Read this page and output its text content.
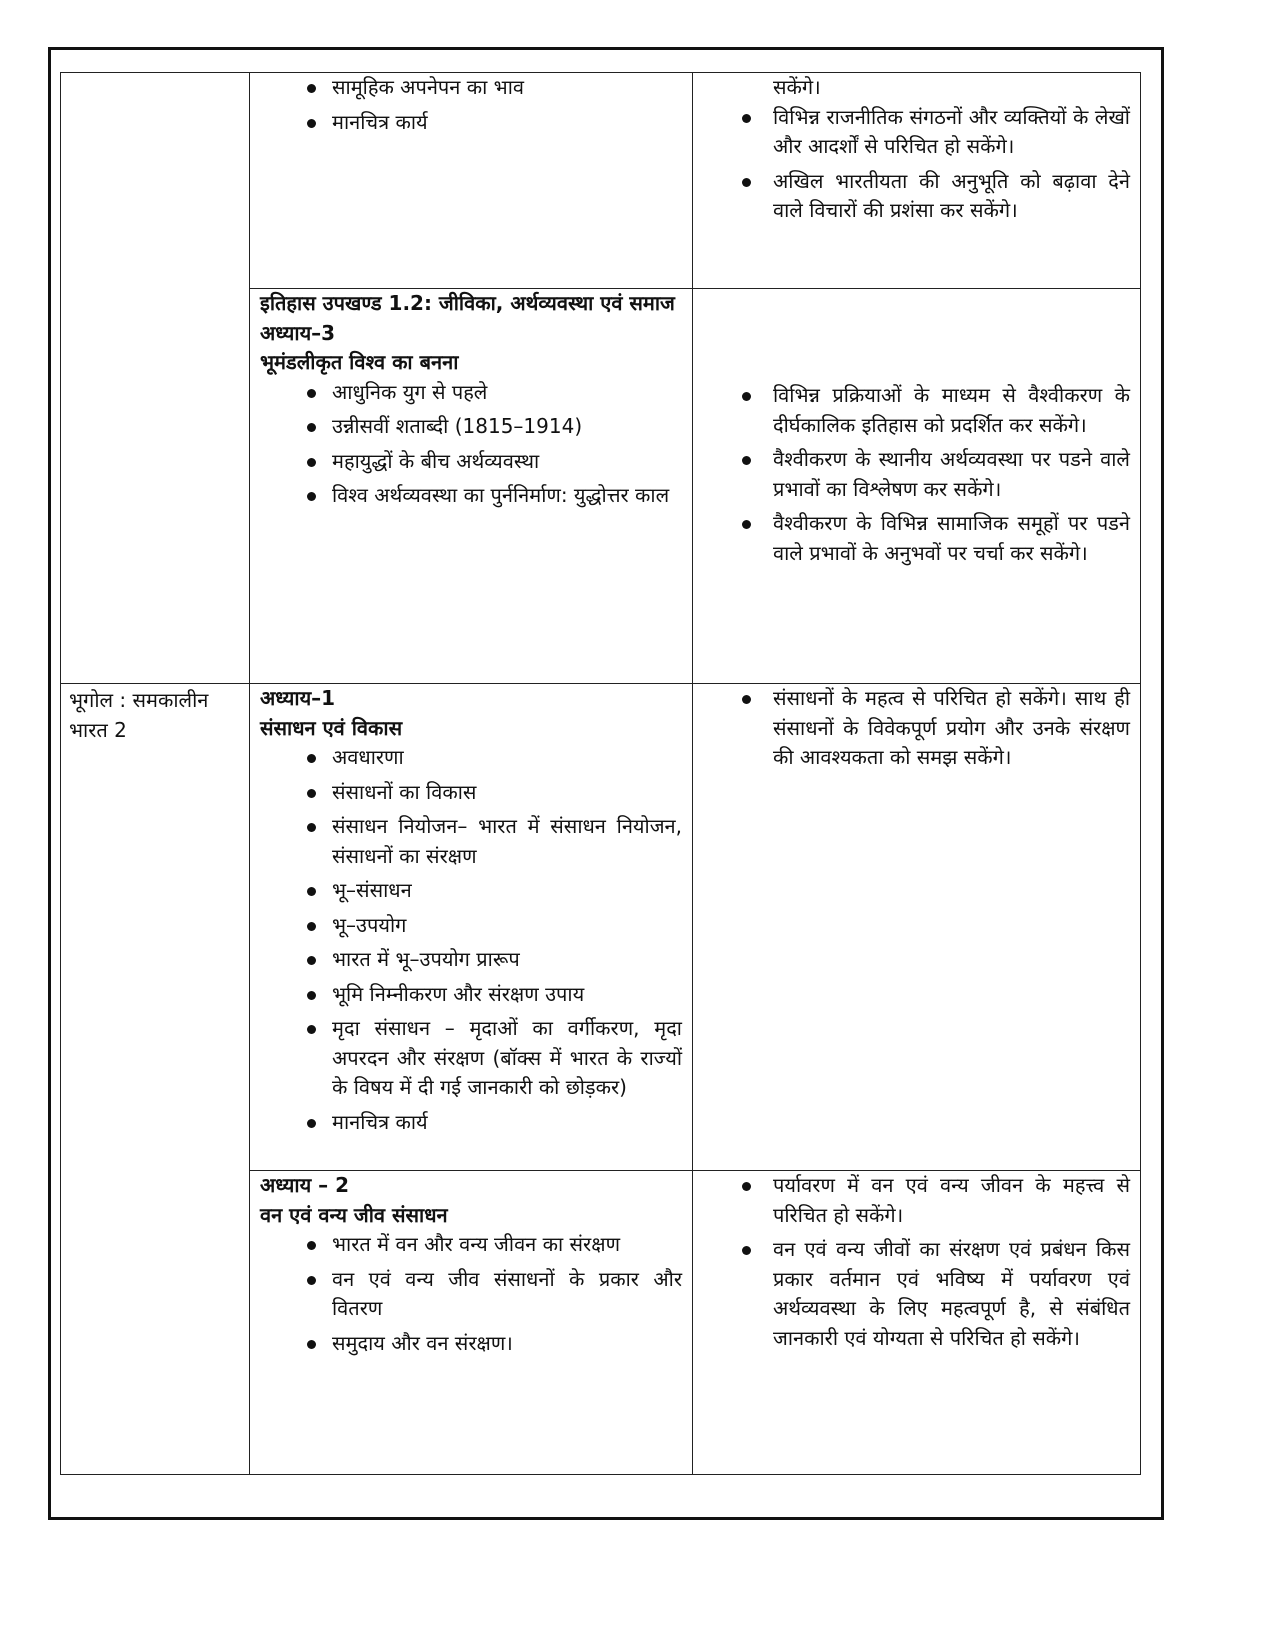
भूगोल : समकालीन भारत 2
सामूहिक अपनेपन का भाव
मानचित्र कार्य
सकेंगे।
विभिन्न राजनीतिक संगठनों और व्यक्तियों के लेखों और आदर्शों से परिचित हो सकेंगे।
अखिल भारतीयता की अनुभूति को बढ़ावा देने वाले विचारों की प्रशंसा कर सकेंगे।

इतिहास उपखण्ड 1.2: जीविका, अर्थव्यवस्था एवं समाज

अध्याय–3

भूमंडलीकृत विश्व का बनना

आधुनिक युग से पहले
उन्नीसवीं शताब्दी (1815–1914)
महायुद्धों के बीच अर्थव्यवस्था
विश्व अर्थव्यवस्था का पुर्ननिर्माण: युद्धोत्तर काल
विभिन्न प्रक्रियाओं के माध्यम से वैश्वीकरण के दीर्घकालिक इतिहास को प्रदर्शित कर सकेंगे।
वैश्वीकरण के स्थानीय अर्थव्यवस्था पर पडने वाले प्रभावों का विश्लेषण कर सकेंगे।
वैश्वीकरण के विभिन्न सामाजिक समूहों पर पडने वाले प्रभावों के अनुभवों पर चर्चा कर सकेंगे।

अध्याय–1

संसाधन एवं विकास

अवधारणा
संसाधनों का विकास
संसाधन नियोजन– भारत में संसाधन नियोजन, संसाधनों का संरक्षण
भू–संसाधन
भू–उपयोग
भारत में भू–उपयोग प्रारूप
भूमि निम्नीकरण और संरक्षण उपाय
मृदा संसाधन – मृदाओं का वर्गीकरण, मृदा अपरदन और संरक्षण (बॉक्स में भारत के राज्यों के विषय में दी गई जानकारी को छोड़कर)
मानचित्र कार्य
संसाधनों के महत्व से परिचित हो सकेंगे। साथ ही संसाधनों के विवेकपूर्ण प्रयोग और उनके संरक्षण की आवश्यकता को समझ सकेंगे।

अध्याय – 2

वन एवं वन्य जीव संसाधन

भारत में वन और वन्य जीवन का संरक्षण
वन एवं वन्य जीव संसाधनों के प्रकार और वितरण
समुदाय और वन संरक्षण।
पर्यावरण में वन एवं वन्य जीवन के महत्त्व से परिचित हो सकेंगे।
वन एवं वन्य जीवों का संरक्षण एवं प्रबंधन किस प्रकार वर्तमान एवं भविष्य में पर्यावरण एवं अर्थव्यवस्था के लिए महत्वपूर्ण है, से संबंधित जानकारी एवं योग्यता से परिचित हो सकेंगे।
